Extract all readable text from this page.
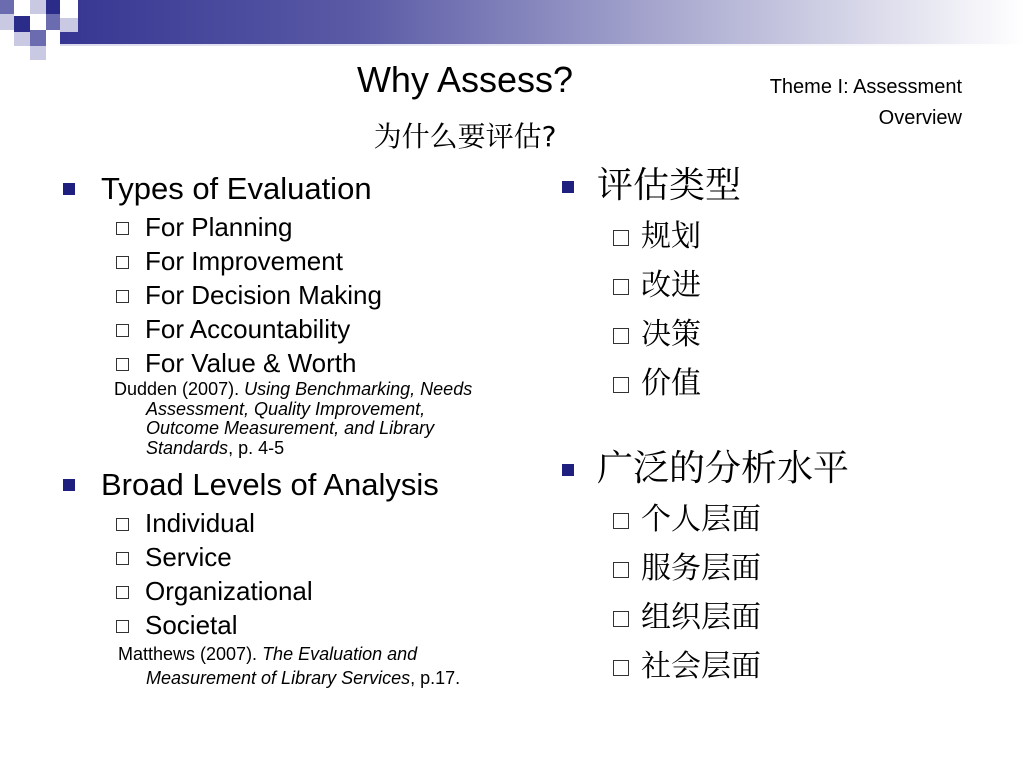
Why Assess?
为什么要评估?
Theme I: Assessment
Overview
Types of Evaluation
For Planning
For Improvement
For Decision Making
For Accountability
For Value & Worth
Dudden (2007). Using Benchmarking, Needs
Assessment, Quality Improvement,
Outcome Measurement, and Library
Standards, p. 4-5
Broad Levels of Analysis
Individual
Service
Organizational
Societal
Matthews (2007). The Evaluation and
Measurement of Library Services, p.17.
评估类型
规划
改进
决策
价值
广泛的分析水平
个人层面
服务层面
组织层面
社会层面
